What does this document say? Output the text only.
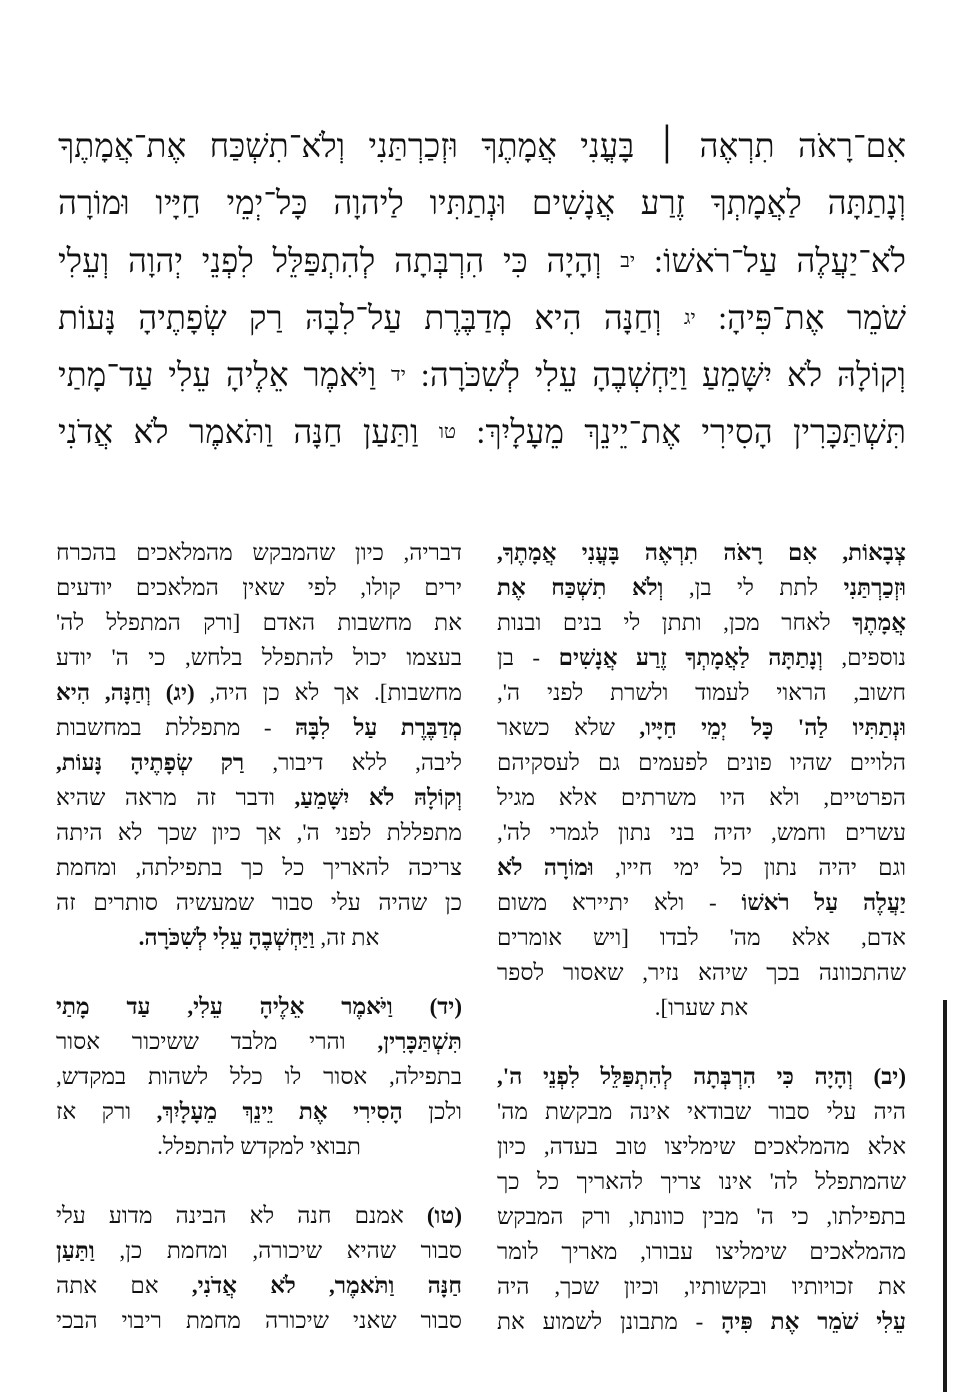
אִם־רָאֹה תִרְאֶה ׀ בָּעֳנִי אֲמָתֶךָ וּזְכַרְתַּנִי וְלֹא־תִשְׁכַּח אֶת־אֲמָתֶךָ
וְנָתַתָּה לַאֲמָתְךָ זֶרַע אֲנָשִׁים וּנְתַתִּיו לַיהוָה כָּל־יְמֵי חַיָּיו וּמוֹרָה
לֹא־יַעֲלֶה עַל־רֹאשׁוֹ: יב וְהָיָה כִּי הִרְבְּתָה לְהִתְפַּלֵּל לִפְנֵי יְהוָה וְעֵלִי
שֹׁמֵר אֶת־פִּיהָ: יג וְחַנָּה הִיא מְדַבֶּרֶת עַל־לִבָּהּ רַק שְׂפָתֶיהָ נָּעוֹת
וְקוֹלָהּ לֹא יִשָּׁמֵעַ וַיַּחְשְׁבֶהָ עֵלִי לְשִׁכֹּרָה: יד וַיֹּאמֶר אֵלֶיהָ עֵלִי עַד־מָתַי
תִּשְׁתַּכָּרִין הָסִירִי אֶת־יֵינֵךְ מֵעָלָיִךְ: טו וַתַּעַן חַנָּה וַתֹּאמֶר לֹא אֲדֹנִי
צְבָאוֹת, אִם רָאֹה תִרְאֶה בָּעֳנִי אֲמָתֶךָ,
וּזְכַרְתַּנִי לתת לי בן, וְלֹא תִשְׁכַּח אֶת
אֲמָתֶךָ לאחר מכן, ותתן לי בנים ובנות
נוספים, וְנָתַתָּה לַאֲמָתְךָ זֶרַע אֲנָשִׁים - בן
חשוב, הראוי לעמוד ולשרת לפני ה',
וּנְתַתִּיו לַה' כָּל יְמֵי חַיָּיו, שלא כשאר
הלויים שהיו פונים לפעמים גם לעסקיהם
הפרטיים, ולא היו משרתים אלא מגיל
עשרים וחמש, יהיה בני נתון לגמרי לה',
וגם יהיה נתון כל ימי חייו, וּמוֹרָה לֹא
יַעֲלֶה עַל רֹאשׁוֹ - ולא יתיירא משום
אדם, אלא מה' לבדו [ויש אומרים
שהתכוונה בכך שיהא נזיר, שאסור לספר
את שערו].
(יב) וְהָיָה כִּי הִרְבְּתָה לְהִתְפַּלֵּל לִפְנֵי ה',
היה עלי סבור שבודאי אינה מבקשת מה'
אלא מהמלאכים שימליצו טוב בעדה, כיון
שהמתפלל לה' אינו צריך להאריך כל כך
בתפילתו, כי ה' מבין כוונתו, ורק המבקש
מהמלאכים שימליצו עבורו, מאריך לומר
את זכויותיו ובקשותיו, וכיון שכך, היה
עֵלִי שֹׁמֵר אֶת פִּיהָ - מתבונן לשמוע את
דבריה, כיון שהמבקש מהמלאכים בהכרח
ירים קולו, לפי שאין המלאכים יודעים
את מחשבות האדם [ורק המתפלל לה'
בעצמו יכול להתפלל בלחש, כי ה' יודע
מחשבות]. אך לא כן היה, (יג) וְחַנָּה, הִיא
מְדַבֶּרֶת עַל לִבָּהּ - מתפללת במחשבות
ליבה, ללא דיבור, רַק שְׂפָתֶיהָ נָּעוֹת,
וְקוֹלָהּ לֹא יִשָּׁמֵעַ, ודבר זה מראה שהיא
מתפללת לפני ה', אך כיון שכך לא היתה
צריכה להאריך כל כך בתפילתה, ומחמת
כן שהיה עלי סבור שמעשיה סותרים זה
את זה, וַיַּחְשְׁבֶהָ עֵלִי לְשִׁכֹּרָה.
(יד) וַיֹּאמֶר אֵלֶיהָ עֵלִי, עַד מָתַי
תִּשְׁתַּכָּרִין, והרי מלבד ששיכור אסור
בתפילה, אסור לו כלל לשהות במקדש,
ולכן הָסִירִי אֶת יֵינֵךְ מֵעָלָיִךְ, ורק אז
תבואי למקדש להתפלל.
(טו) אמנם חנה לא הבינה מדוע עלי
סבור שהיא שיכורה, ומחמת כן, וַתַּעַן
חַנָּה וַתֹּאמֶר, לֹא אֲדֹנִי, אם אתה
סבור שאני שיכורה מחמת ריבוי הבכי
